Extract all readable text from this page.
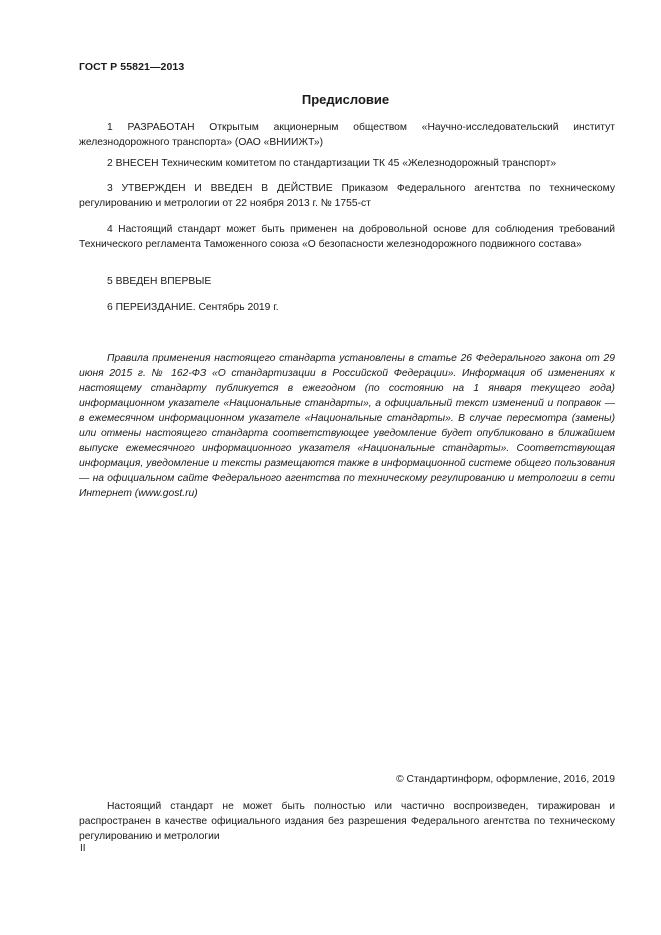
ГОСТ Р 55821—2013
Предисловие

1 РАЗРАБОТАН Открытым акционерным обществом «Научно-исследовательский институт железнодорожного транспорта» (ОАО «ВНИИЖТ»)

2 ВНЕСЕН Техническим комитетом по стандартизации ТК 45 «Железнодорожный транспорт»

3 УТВЕРЖДЕН И ВВЕДЕН В ДЕЙСТВИЕ Приказом Федерального агентства по техническому регулированию и метрологии от 22 ноября 2013 г. № 1755-ст

4 Настоящий стандарт может быть применен на добровольной основе для соблюдения требований Технического регламента Таможенного союза «О безопасности железнодорожного подвижного состава»

5 ВВЕДЕН ВПЕРВЫЕ

6 ПЕРЕИЗДАНИЕ. Сентябрь 2019 г.

Правила применения настоящего стандарта установлены в статье 26 Федерального закона от 29 июня 2015 г. № 162-ФЗ «О стандартизации в Российской Федерации». Информация об изменениях к настоящему стандарту публикуется в ежегодном (по состоянию на 1 января текущего года) информационном указателе «Национальные стандарты», а официальный текст изменений и поправок — в ежемесячном информационном указателе «Национальные стандарты». В случае пересмотра (замены) или отмены настоящего стандарта соответствующее уведомление будет опубликовано в ближайшем выпуске ежемесячного информационного указателя «Национальные стандарты». Соответствующая информация, уведомление и тексты размещаются также в информационной системе общего пользования — на официальном сайте Федерального агентства по техническому регулированию и метрологии в сети Интернет (www.gost.ru)

© Стандартинформ, оформление, 2016, 2019

Настоящий стандарт не может быть полностью или частично воспроизведен, тиражирован и распространен в качестве официального издания без разрешения Федерального агентства по техническому регулированию и метрологии

II
